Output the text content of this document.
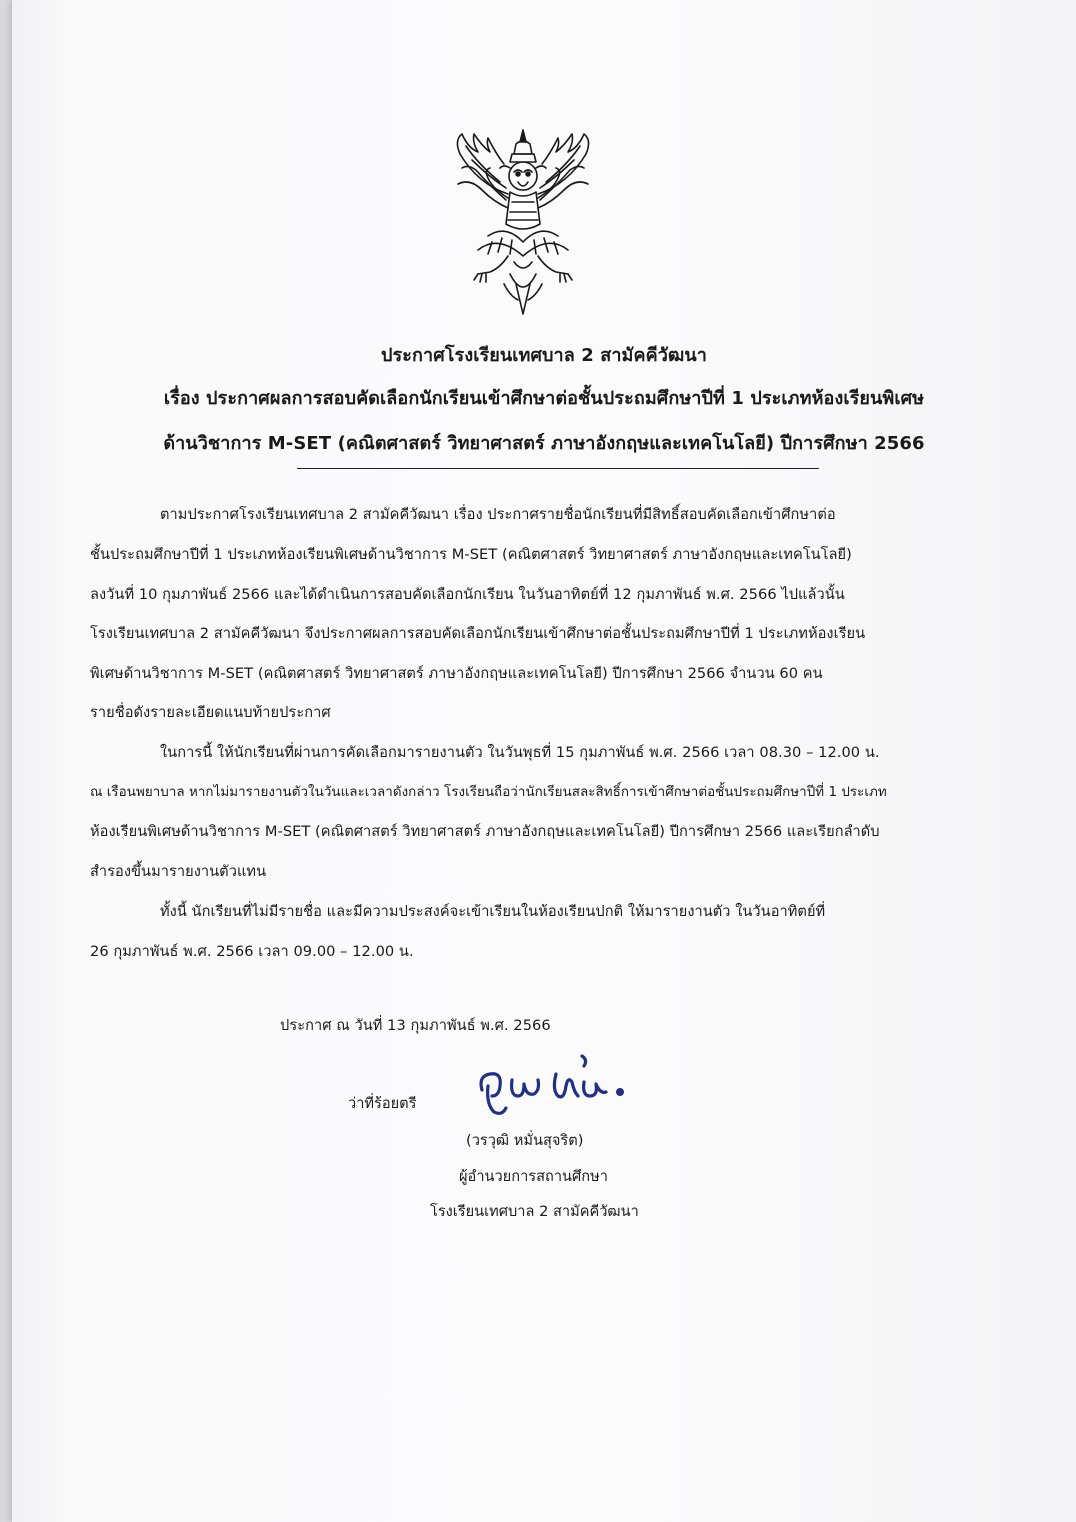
ประกาศโรงเรียนเทศบาล 2 สามัคคีวัฒนา
เรื่อง ประกาศผลการสอบคัดเลือกนักเรียนเข้าศึกษาต่อชั้นประถมศึกษาปีที่ 1 ประเภทห้องเรียนพิเศษ
ด้านวิชาการ M-SET (คณิตศาสตร์ วิทยาศาสตร์ ภาษาอังกฤษและเทคโนโลยี) ปีการศึกษา 2566
ตามประกาศโรงเรียนเทศบาล 2 สามัคคีวัฒนา เรื่อง ประกาศรายชื่อนักเรียนที่มีสิทธิ์สอบคัดเลือกเข้าศึกษาต่อ
ชั้นประถมศึกษาปีที่ 1 ประเภทห้องเรียนพิเศษด้านวิชาการ M-SET (คณิตศาสตร์ วิทยาศาสตร์ ภาษาอังกฤษและเทคโนโลยี)
ลงวันที่ 10 กุมภาพันธ์ 2566 และได้ดำเนินการสอบคัดเลือกนักเรียน ในวันอาทิตย์ที่ 12 กุมภาพันธ์ พ.ศ. 2566 ไปแล้วนั้น
โรงเรียนเทศบาล 2 สามัคคีวัฒนา จึงประกาศผลการสอบคัดเลือกนักเรียนเข้าศึกษาต่อชั้นประถมศึกษาปีที่ 1 ประเภทห้องเรียน
พิเศษด้านวิชาการ M-SET (คณิตศาสตร์ วิทยาศาสตร์ ภาษาอังกฤษและเทคโนโลยี) ปีการศึกษา 2566 จำนวน 60 คน
รายชื่อดังรายละเอียดแนบท้ายประกาศ
ในการนี้ ให้นักเรียนที่ผ่านการคัดเลือกมารายงานตัว ในวันพุธที่ 15 กุมภาพันธ์ พ.ศ. 2566 เวลา 08.30 – 12.00 น.
ณ เรือนพยาบาล หากไม่มารายงานตัวในวันและเวลาดังกล่าว โรงเรียนถือว่านักเรียนสละสิทธิ์การเข้าศึกษาต่อชั้นประถมศึกษาปีที่ 1 ประเภท
ห้องเรียนพิเศษด้านวิชาการ M-SET (คณิตศาสตร์ วิทยาศาสตร์ ภาษาอังกฤษและเทคโนโลยี) ปีการศึกษา 2566 และเรียกลำดับ
สำรองขึ้นมารายงานตัวแทน
ทั้งนี้ นักเรียนที่ไม่มีรายชื่อ และมีความประสงค์จะเข้าเรียนในห้องเรียนปกติ ให้มารายงานตัว ในวันอาทิตย์ที่
26 กุมภาพันธ์ พ.ศ. 2566 เวลา 09.00 – 12.00 น.
ประกาศ ณ วันที่ 13 กุมภาพันธ์ พ.ศ. 2566
ว่าที่ร้อยตรี
(วรวุฒิ หมั่นสุจริต)
ผู้อำนวยการสถานศึกษา
โรงเรียนเทศบาล 2 สามัคคีวัฒนา
